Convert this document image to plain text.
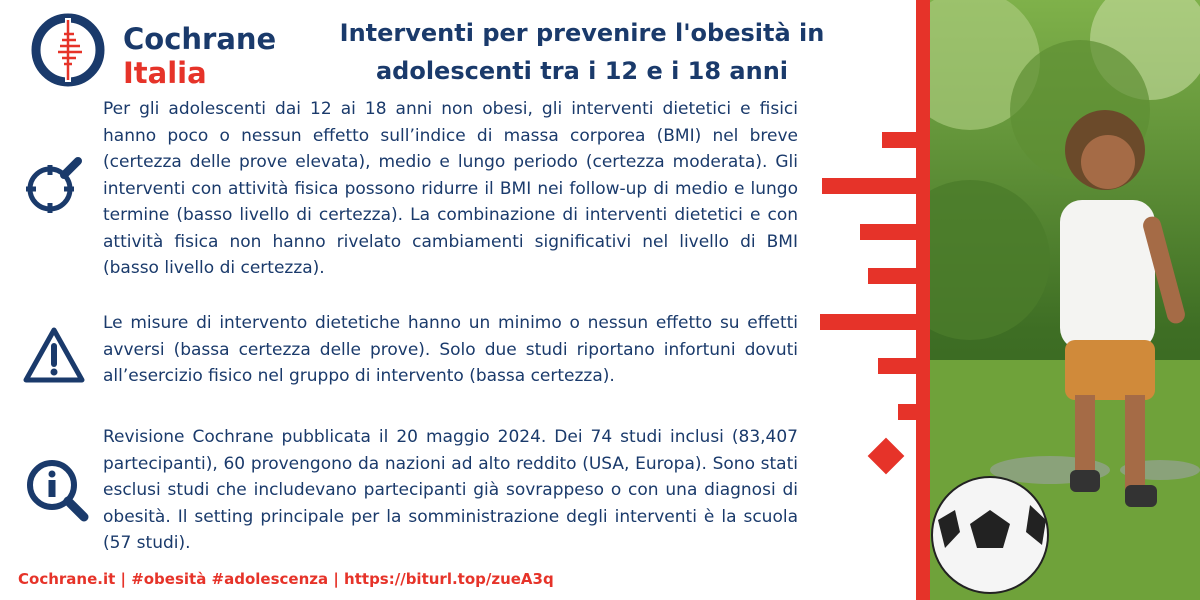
Cochrane
Italia
Interventi per prevenire l'obesità in adolescenti tra i 12 e i 18 anni
Per gli adolescenti dai 12 ai 18 anni non obesi, gli interventi dietetici e fisici hanno poco o nessun effetto sull’indice di massa corporea (BMI) nel breve (certezza delle prove elevata), medio e lungo periodo (certezza moderata). Gli interventi con attività fisica possono ridurre il BMI nei follow-up di medio e lungo termine (basso livello di certezza). La combinazione di interventi dietetici e con attività fisica non hanno rivelato cambiamenti significativi nel livello di BMI (basso livello di certezza).
Le misure di intervento dietetiche hanno un minimo o nessun effetto su effetti avversi (bassa certezza delle prove). Solo due studi riportano infortuni dovuti all’esercizio fisico nel gruppo di intervento (bassa certezza).
Revisione Cochrane pubblicata il 20 maggio 2024. Dei 74 studi inclusi (83,407 partecipanti), 60 provengono da nazioni ad alto reddito (USA, Europa). Sono stati esclusi studi che includevano partecipanti già sovrappeso o con una diagnosi di obesità. Il setting principale per la somministrazione degli interventi è la scuola (57 studi).
Cochrane.it | #obesità #adolescenza | https://biturl.top/zueA3q
